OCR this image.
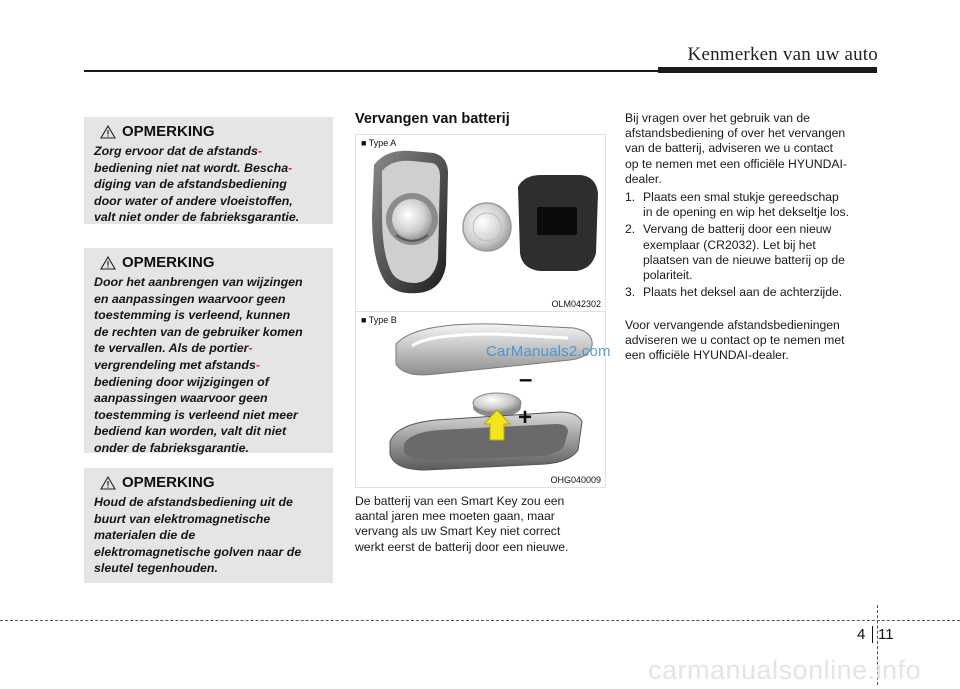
Kenmerken van uw auto
OPMERKING
Zorg ervoor dat de afstands-
bediening niet nat wordt. Bescha-
diging van de afstandsbediening
door water of andere vloeistoffen,
valt niet onder de fabrieksgarantie.
OPMERKING
Door het aanbrengen van wijzingen
en aanpassingen waarvoor geen
toestemming is verleend, kunnen
de rechten van de gebruiker komen
te vervallen. Als de portier-
vergrendeling met afstands-
bediening door wijzigingen of
aanpassingen waarvoor geen
toestemming is verleend niet meer
bediend kan worden, valt dit niet
onder de fabrieksgarantie.
OPMERKING
Houd de afstandsbediening uit de
buurt van elektromagnetische
materialen die de
elektromagnetische golven naar de
sleutel tegenhouden.
Vervangen van batterij
■ Type A
OLM042302
■ Type B
–
+
OHG040009
CarManuals2.com
De batterij van een Smart Key zou een
aantal jaren mee moeten gaan, maar
vervang als uw Smart Key niet correct
werkt eerst de batterij door een nieuwe.
Bij vragen over het gebruik van de
afstandsbediening of over het vervangen
van de batterij, adviseren we u contact
op te nemen met een officiële HYUNDAI-
dealer.
1. Plaats een smal stukje gereedschap
in de opening en wip het dekseltje los.
2. Vervang de batterij door een nieuw
exemplaar (CR2032). Let bij het
plaatsen van de nieuwe batterij op de
polariteit.
3. Plaats het deksel aan de achterzijde.
Voor vervangende afstandsbedieningen
adviseren we u contact op te nemen met
een officiële HYUNDAI-dealer.
4 11
carmanualsonline.info
